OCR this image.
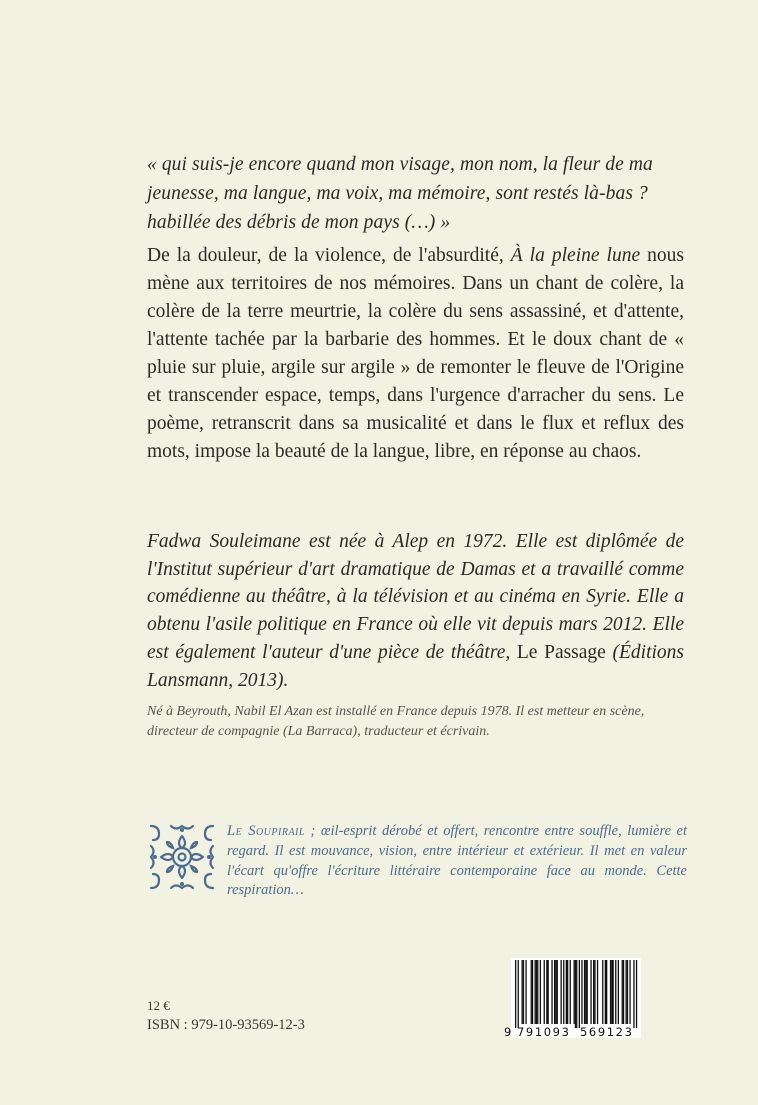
« qui suis-je encore quand mon visage, mon nom, la fleur de ma jeunesse, ma langue, ma voix, ma mémoire, sont restés là-bas ? habillée des débris de mon pays (…) »

De la douleur, de la violence, de l'absurdité, À la pleine lune nous mène aux territoires de nos mémoires. Dans un chant de colère, la colère de la terre meurtrie, la colère du sens assassiné, et d'attente, l'attente tachée par la barbarie des hommes. Et le doux chant de « pluie sur pluie, argile sur argile » de remonter le fleuve de l'Origine et transcender espace, temps, dans l'urgence d'arracher du sens. Le poème, retranscrit dans sa musicalité et dans le flux et reflux des mots, impose la beauté de la langue, libre, en réponse au chaos.

Fadwa Souleimane est née à Alep en 1972. Elle est diplômée de l'Institut supérieur d'art dramatique de Damas et a travaillé comme comédienne au théâtre, à la télévision et au cinéma en Syrie. Elle a obtenu l'asile politique en France où elle vit depuis mars 2012. Elle est également l'auteur d'une pièce de théâtre, Le Passage (Éditions Lansmann, 2013).

Né à Beyrouth, Nabil El Azan est installé en France depuis 1978. Il est metteur en scène, directeur de compagnie (La Barraca), traducteur et écrivain.

Le Soupirail ; œil-esprit dérobé et offert, rencontre entre souffle, lumière et regard. Il est mouvance, vision, entre intérieur et extérieur. Il met en valeur l'écart qu'offre l'écriture littéraire contemporaine face au monde. Cette respiration…

12 €
ISBN : 979-10-93569-12-3	9 791093 569123
